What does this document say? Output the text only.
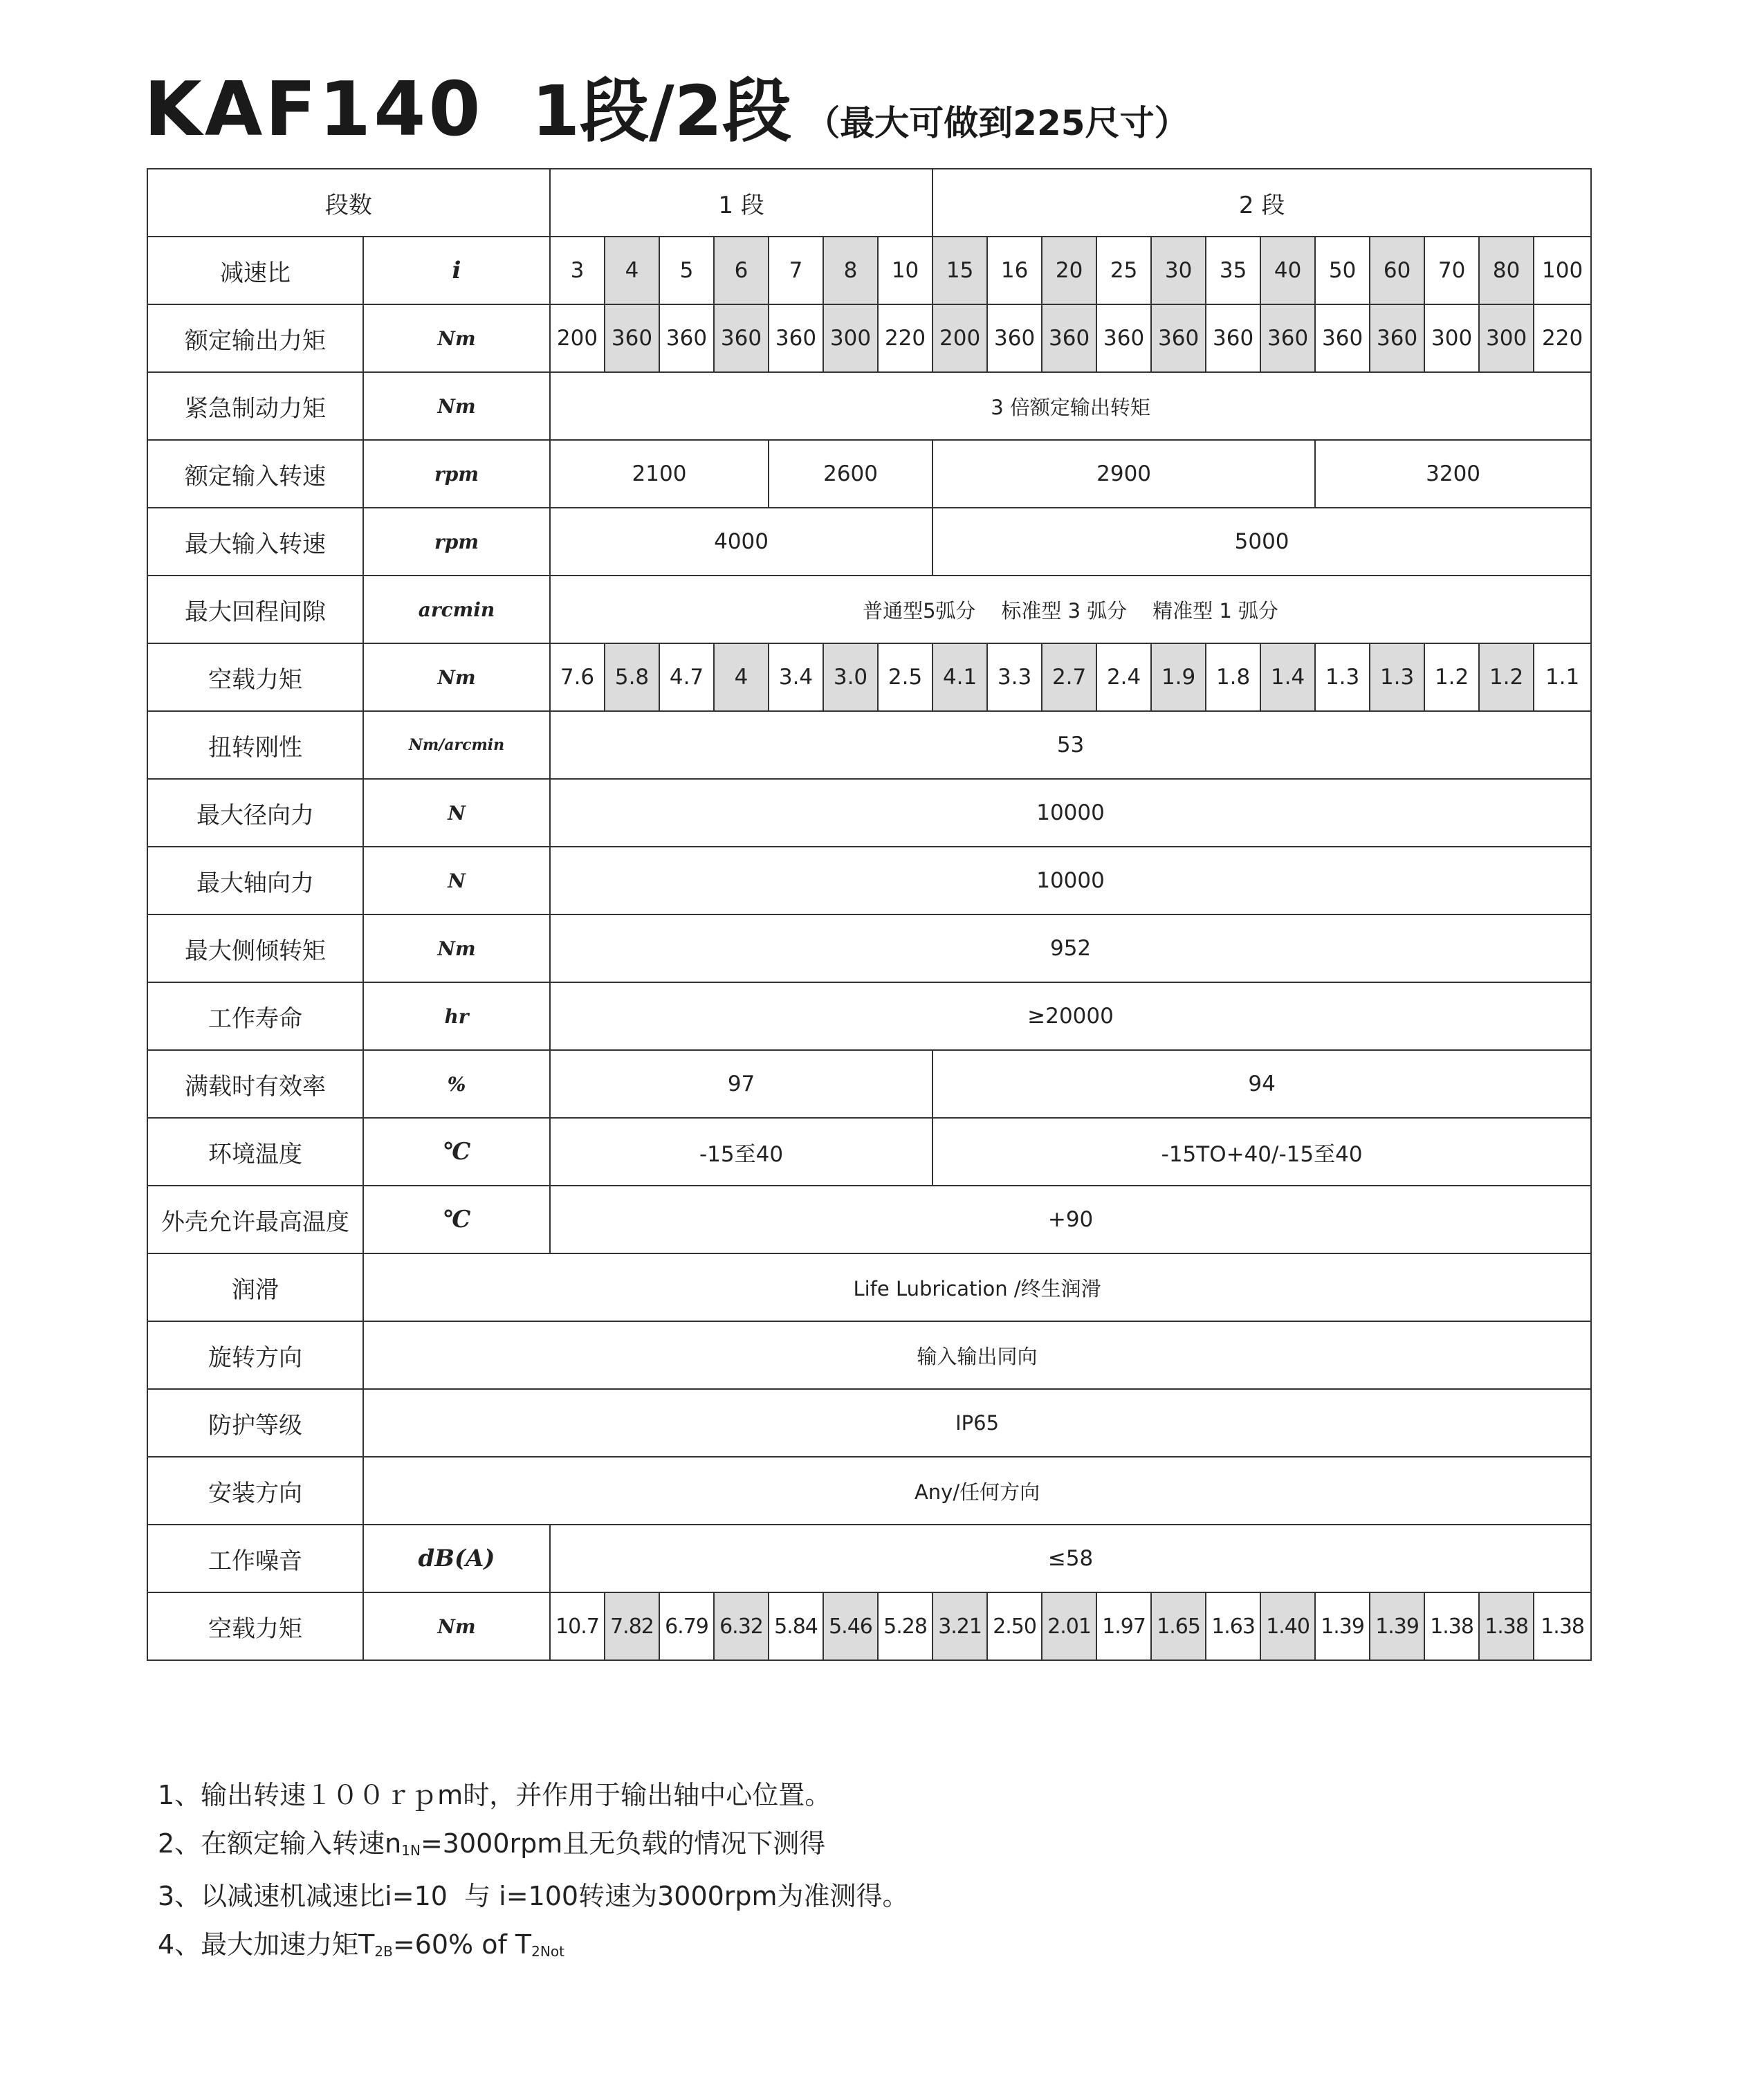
KAF140 1段/2段 （最大可做到225尺寸）
段数		1 段							2 段											
减速比	i	3	4	5	6	7	8	10	15	16	20	25	30	35	40	50	60	70	80	100
额定输出力矩	Nm	200	360	360	360	360	300	220	200	360	360	360	360	360	360	360	360	300	300	220
紧急制动力矩	Nm	3 倍额定输出转矩																		
额定输入转速	rpm	2100				2600			2900							3200				
最大输入转速	rpm	4000							5000											
最大回程间隙	arcmin	普通型5弧分    标准型 3 弧分    精准型 1 弧分																		
空载力矩	Nm	7.6	5.8	4.7	4	3.4	3.0	2.5	4.1	3.3	2.7	2.4	1.9	1.8	1.4	1.3	1.3	1.2	1.2	1.1
扭转刚性	Nm/arcmin	53																		
最大径向力	N	10000																		
最大轴向力	N	10000																		
最大侧倾转矩	Nm	952																		
工作寿命	hr	≥20000																		
满载时有效率	%	97							94											
环境温度	℃	-15至40							-15TO+40/-15至40											
外壳允许最高温度	℃	+90																		
润滑	Life Lubrication /终生润滑																			
旋转方向	输入输出同向																			
防护等级	IP65																			
安装方向	Any/任何方向																			
工作噪音	dB(A)	≤58																		
空载力矩	Nm	10.7	7.82	6.79	6.32	5.84	5.46	5.28	3.21	2.50	2.01	1.97	1.65	1.63	1.40	1.39	1.39	1.38	1.38	1.38
1、输出转速１００ｒｐm时，并作用于输出轴中心位置。
2、在额定输入转速$n_{1N}=3000rpm$且无负载的情况下测得
3、以减速机减速比i=10  与 i=100转速为3000rpm为准测得。
4、最大加速力矩$T_{2B}=60\%$ of $T_{2Not}$
